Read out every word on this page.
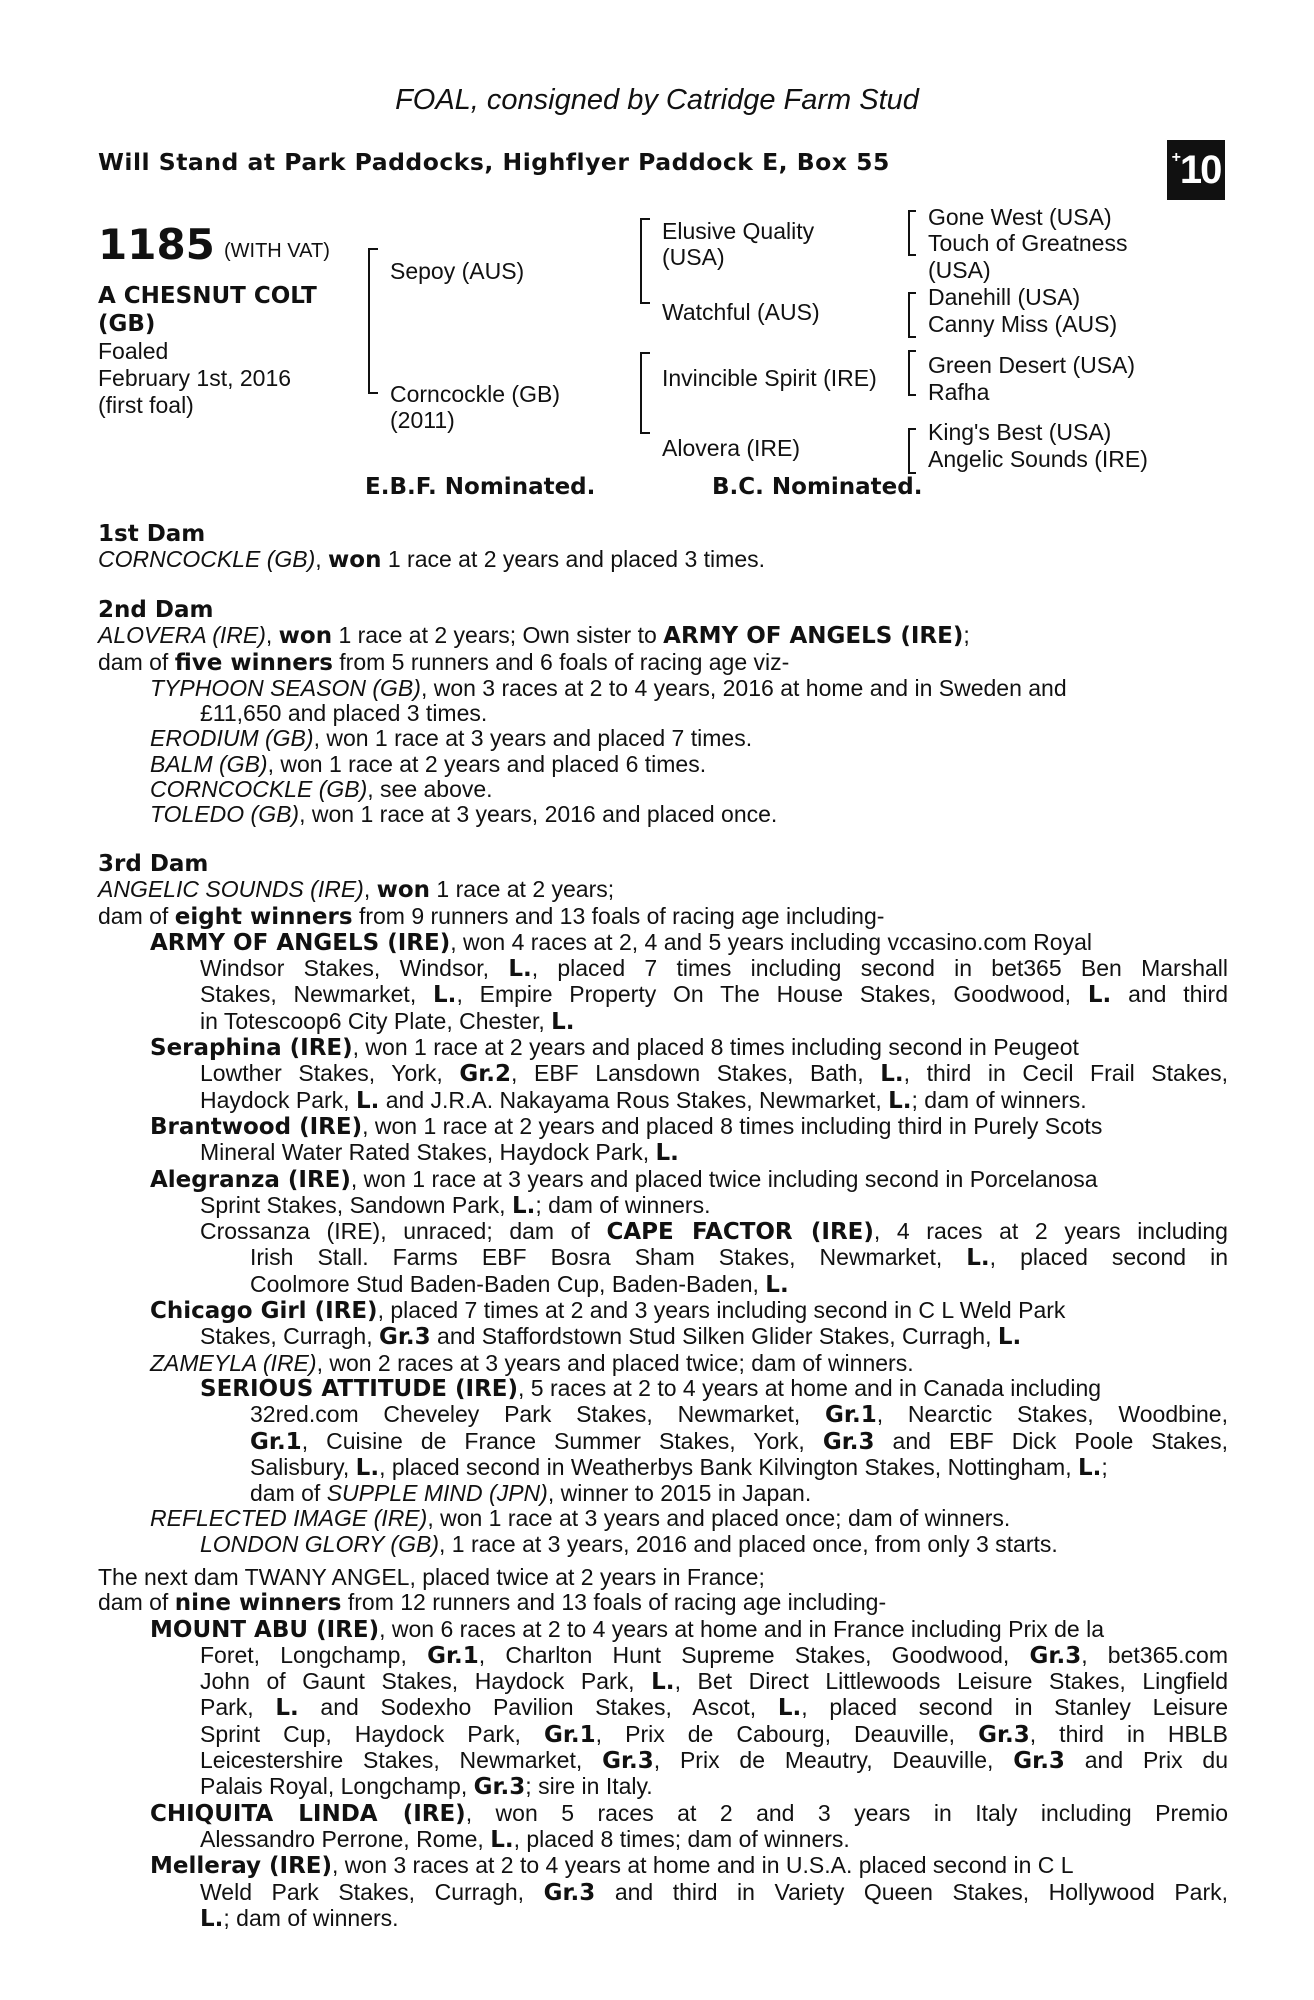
FOAL, consigned by Catridge Farm Stud
Will Stand at Park Paddocks, Highflyer Paddock E, Box 55	+ 10
1185 (WITH VAT)
A CHESNUT COLT
(GB)
Foaled
February 1st, 2016
(first foal)
Sepoy (AUS)
Corncockle (GB)
(2011)
Elusive Quality
(USA)
Watchful (AUS)
Invincible Spirit (IRE)
Alovera (IRE)
Gone West (USA)
Touch of Greatness
(USA)
Danehill (USA)
Canny Miss (AUS)
Green Desert (USA)
Rafha
King's Best (USA)
Angelic Sounds (IRE)
E.B.F. Nominated.	B.C. Nominated.
1st Dam
CORNCOCKLE (GB), won 1 race at 2 years and placed 3 times.
2nd Dam
ALOVERA (IRE), won 1 race at 2 years; Own sister to ARMY OF ANGELS (IRE);
dam of five winners from 5 runners and 6 foals of racing age viz-
TYPHOON SEASON (GB), won 3 races at 2 to 4 years, 2016 at home and in Sweden and
£11,650 and placed 3 times.
ERODIUM (GB), won 1 race at 3 years and placed 7 times.
BALM (GB), won 1 race at 2 years and placed 6 times.
CORNCOCKLE (GB), see above.
TOLEDO (GB), won 1 race at 3 years, 2016 and placed once.
3rd Dam
ANGELIC SOUNDS (IRE), won 1 race at 2 years;
dam of eight winners from 9 runners and 13 foals of racing age including-
ARMY OF ANGELS (IRE), won 4 races at 2, 4 and 5 years including vccasino.com Royal
Windsor Stakes, Windsor, L., placed 7 times including second in bet365 Ben Marshall
Stakes, Newmarket, L., Empire Property On The House Stakes, Goodwood, L. and third
in Totescoop6 City Plate, Chester, L.
Seraphina (IRE), won 1 race at 2 years and placed 8 times including second in Peugeot
Lowther Stakes, York, Gr.2, EBF Lansdown Stakes, Bath, L., third in Cecil Frail Stakes,
Haydock Park, L. and J.R.A. Nakayama Rous Stakes, Newmarket, L.; dam of winners.
Brantwood (IRE), won 1 race at 2 years and placed 8 times including third in Purely Scots
Mineral Water Rated Stakes, Haydock Park, L.
Alegranza (IRE), won 1 race at 3 years and placed twice including second in Porcelanosa
Sprint Stakes, Sandown Park, L.; dam of winners.
Crossanza (IRE), unraced; dam of CAPE FACTOR (IRE), 4 races at 2 years including
Irish Stall. Farms EBF Bosra Sham Stakes, Newmarket, L., placed second in
Coolmore Stud Baden-Baden Cup, Baden-Baden, L.
Chicago Girl (IRE), placed 7 times at 2 and 3 years including second in C L Weld Park
Stakes, Curragh, Gr.3 and Staffordstown Stud Silken Glider Stakes, Curragh, L.
ZAMEYLA (IRE), won 2 races at 3 years and placed twice; dam of winners.
SERIOUS ATTITUDE (IRE), 5 races at 2 to 4 years at home and in Canada including
32red.com Cheveley Park Stakes, Newmarket, Gr.1, Nearctic Stakes, Woodbine,
Gr.1, Cuisine de France Summer Stakes, York, Gr.3 and EBF Dick Poole Stakes,
Salisbury, L., placed second in Weatherbys Bank Kilvington Stakes, Nottingham, L.;
dam of SUPPLE MIND (JPN), winner to 2015 in Japan.
REFLECTED IMAGE (IRE), won 1 race at 3 years and placed once; dam of winners.
LONDON GLORY (GB), 1 race at 3 years, 2016 and placed once, from only 3 starts.
The next dam TWANY ANGEL, placed twice at 2 years in France;
dam of nine winners from 12 runners and 13 foals of racing age including-
MOUNT ABU (IRE), won 6 races at 2 to 4 years at home and in France including Prix de la
Foret, Longchamp, Gr.1, Charlton Hunt Supreme Stakes, Goodwood, Gr.3, bet365.com
John of Gaunt Stakes, Haydock Park, L., Bet Direct Littlewoods Leisure Stakes, Lingfield
Park, L. and Sodexho Pavilion Stakes, Ascot, L., placed second in Stanley Leisure
Sprint Cup, Haydock Park, Gr.1, Prix de Cabourg, Deauville, Gr.3, third in HBLB
Leicestershire Stakes, Newmarket, Gr.3, Prix de Meautry, Deauville, Gr.3 and Prix du
Palais Royal, Longchamp, Gr.3; sire in Italy.
CHIQUITA LINDA (IRE), won 5 races at 2 and 3 years in Italy including Premio
Alessandro Perrone, Rome, L., placed 8 times; dam of winners.
Melleray (IRE), won 3 races at 2 to 4 years at home and in U.S.A. placed second in C L
Weld Park Stakes, Curragh, Gr.3 and third in Variety Queen Stakes, Hollywood Park,
L.; dam of winners.
